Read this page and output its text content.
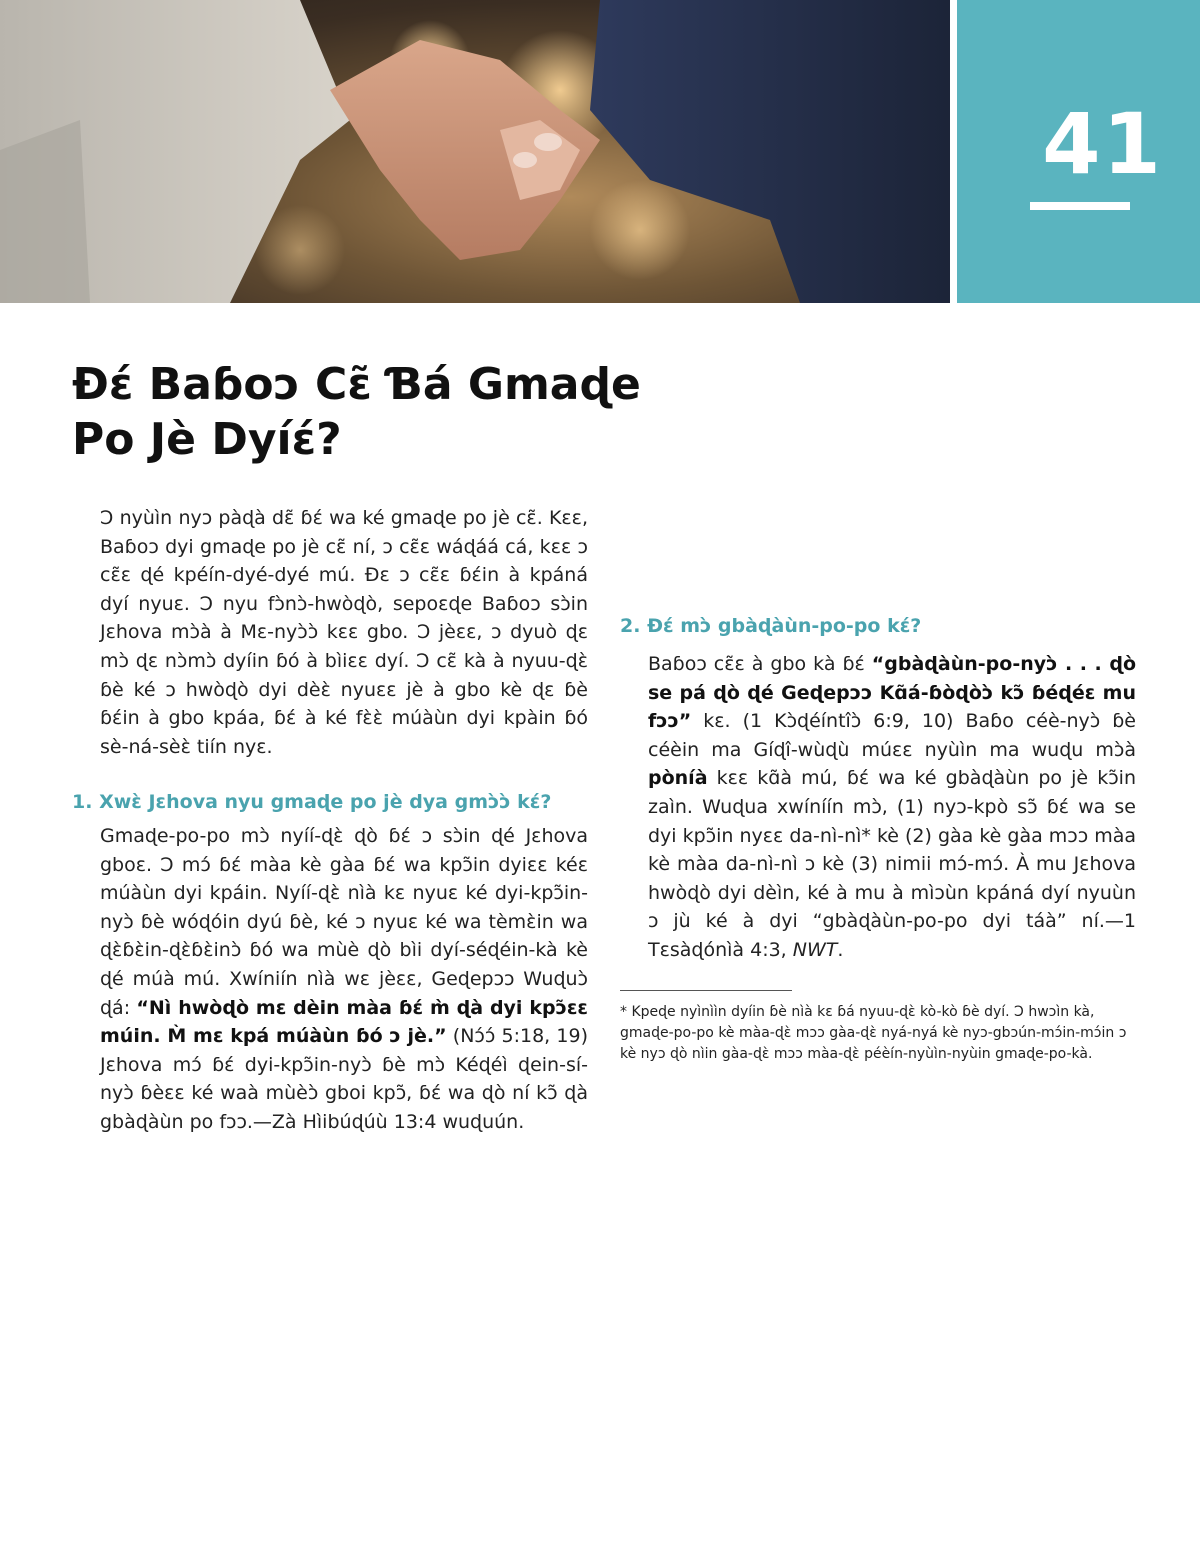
41
Ɖɛ́ Baɓoɔ Cɛ̃ Ɓá Gmaɖe
Po Jè Dyíɛ́?

Ɔ nyùìn nyɔ pàɖà dɛ̃ ɓɛ́ wa ké gmaɖe po jè cɛ̃. Kɛɛ, Baɓoɔ dyi gmaɖe po jè cɛ̃ ní, ɔ cɛ̃ɛ wáɖáá cá, kɛɛ ɔ cɛ̃ɛ ɖé kpéín-dyé-dyé mú. Ɖɛ ɔ cɛ̃ɛ ɓɛ́in à kpáná dyí nyuɛ. Ɔ nyu fɔ̀nɔ̀-hwòɖò, sepoɛɖe Baɓoɔ sɔ̀in Jɛhova mɔ̀à à Mɛ-nyɔ̀ɔ̀ kɛɛ gbo. Ɔ jèɛɛ, ɔ dyuò ɖɛ mɔ̀ ɖɛ nɔ̀mɔ̀ dyíin ɓó à bìiɛɛ dyí. Ɔ cɛ̃ kà à nyuu-ɖɛ̀ ɓè ké ɔ hwòɖò dyi dèɛ̀ nyuɛɛ jè à gbo kè ɖɛ ɓè ɓɛ́in à gbo kpáa, ɓɛ́ à ké fɛ̀ɛ̀ múàùn dyi kpàin ɓó sè-ná-sèɛ̀ tiín nyɛ.

1. Xwɛ̀ Jɛhova nyu gmaɖe po jè dya gmɔ̀ɔ̀ kɛ́?

Gmaɖe-po-po mɔ̀ nyíí-ɖɛ̀ ɖò ɓɛ́ ɔ sɔ̀in ɖé Jɛhova gboɛ. Ɔ mɔ́ ɓɛ́ màa kè gàa ɓɛ́ wa kpɔ̃in dyiɛɛ kéɛ múàùn dyi kpáin. Nyíí-ɖɛ̀ nìà kɛ nyuɛ ké dyi-kpɔ̃in-nyɔ̀ ɓè wóɖóin dyú ɓè, ké ɔ nyuɛ ké wa tèmɛ̀in wa ɖɛ̀ɓɛ̀in-ɖɛ̀ɓɛ̀inɔ̀ ɓó wa mùè ɖò bìi dyí-séɖéin-kà kè ɖé múà mú. Xwíniín nìà wɛ jèɛɛ, Geɖepɔɔ Wuɖuɔ̀ ɖá: “Nì hwòɖò mɛ dèin màa ɓɛ́ m̀ ɖà dyi kpɔ̃ɛɛ múin. M̀ mɛ kpá múàùn ɓó ɔ jè.” (Nɔ́ɔ́ 5:18, 19) Jɛhova mɔ́ ɓɛ́ dyi-kpɔ̃in-nyɔ̀ ɓè mɔ̀ Kéɖéì ɖein-sí-nyɔ̀ ɓèɛɛ ké waà mùèɔ̀ gboi kpɔ̃, ɓɛ́ wa ɖò ní kɔ̃ ɖà gbàɖàùn po fɔɔ.—Zà Hìibúɖúù 13:4 wuɖuún.

2. Ɖɛ́ mɔ̀ gbàɖàùn-po-po kɛ́?

Baɓoɔ cɛ̃ɛ à gbo kà ɓɛ́ “gbàɖàùn-po-nyɔ̀ . . . ɖò se pá ɖò ɖé Geɖepɔɔ Kɑ̃á-ɓòɖòɔ̀ kɔ̃ ɓéɖéɛ mu fɔɔ” kɛ. (1 Kɔ̀ɖéíntîɔ̀ 6:9, 10) Baɓo céè-nyɔ̀ ɓè céèin ma Gíɖî-wùɖù múɛɛ nyùìn ma wuɖu mɔ̀à pòníà kɛɛ kɑ̃à mú, ɓɛ́ wa ké gbàɖàùn po jè kɔ̃in zaìn. Wuɖua xwíníín mɔ̀, (1) nyɔ-kpò sɔ̃ ɓɛ́ wa se dyi kpɔ̃in nyɛɛ da-nì-nì* kè (2) gàa kè gàa mɔɔ màa kè màa da-nì-nì ɔ kè (3) nimii mɔ́-mɔ́. À mu Jɛhova hwòɖò dyi dèìn, ké à mu à mìɔùn kpáná dyí nyuùn ɔ jù ké à dyi “gbàɖàùn-po-po dyi táà” ní.—1 Tɛsàɖónìà 4:3, NWT.

* Kpeɖe nyìnììn dyíin ɓè nìà kɛ ɓá nyuu-ɖɛ̀ kò-kò ɓè dyí. Ɔ hwɔìn kà, gmaɖe-po-po kè màa-ɖɛ̀ mɔɔ gàa-ɖɛ̀ nyá-nyá kè nyɔ-gbɔún-mɔ́in-mɔ́in ɔ kè nyɔ ɖò nìin gàa-ɖɛ̀ mɔɔ màa-ɖɛ̀ péèín-nyùìn-nyùin gmaɖe-po-kà.
